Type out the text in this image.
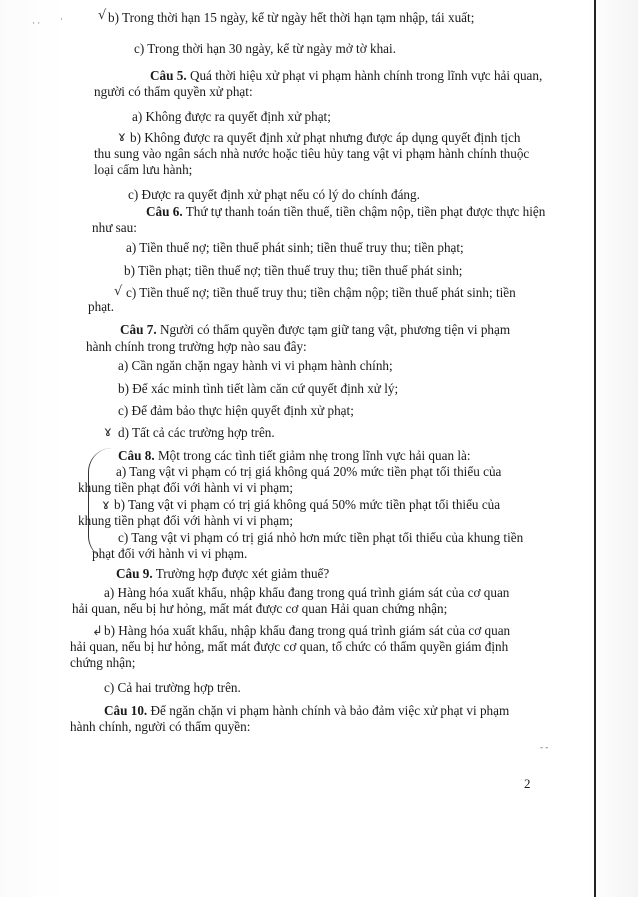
· · ·	√ b) Trong thời hạn 15 ngày, kể từ ngày hết thời hạn tạm nhập, tái xuất;
c) Trong thời hạn 30 ngày, kể từ ngày mở tờ khai.
Câu 5. Quá thời hiệu xử phạt vi phạm hành chính trong lĩnh vực hải quan,
người có thẩm quyền xử phạt:
a) Không được ra quyết định xử phạt;
ɤ b) Không được ra quyết định xử phạt nhưng được áp dụng quyết định tịch
thu sung vào ngân sách nhà nước hoặc tiêu hủy tang vật vi phạm hành chính thuộc
loại cấm lưu hành;
c) Được ra quyết định xử phạt nếu có lý do chính đáng.
Câu 6. Thứ tự thanh toán tiền thuế, tiền chậm nộp, tiền phạt được thực hiện
như sau:
a) Tiền thuế nợ; tiền thuế phát sinh; tiền thuế truy thu; tiền phạt;
b) Tiền phạt; tiền thuế nợ; tiền thuế truy thu; tiền thuế phát sinh;
√ c) Tiền thuế nợ; tiền thuế truy thu; tiền chậm nộp; tiền thuế phát sinh; tiền
phạt.
Câu 7. Người có thẩm quyền được tạm giữ tang vật, phương tiện vi phạm
hành chính trong trường hợp nào sau đây:
a) Cần ngăn chặn ngay hành vi vi phạm hành chính;
b) Để xác minh tình tiết làm căn cứ quyết định xử lý;
c) Để đảm bảo thực hiện quyết định xử phạt;
ɤ d) Tất cả các trường hợp trên.
Câu 8. Một trong các tình tiết giảm nhẹ trong lĩnh vực hải quan là:
a) Tang vật vi phạm có trị giá không quá 20% mức tiền phạt tối thiểu của
khung tiền phạt đối với hành vi vi phạm;
ɤ b) Tang vật vi phạm có trị giá không quá 50% mức tiền phạt tối thiểu của
khung tiền phạt đối với hành vi vi phạm;
c) Tang vật vi phạm có trị giá nhỏ hơn mức tiền phạt tối thiểu của khung tiền
phạt đối với hành vi vi phạm.
Câu 9. Trường hợp được xét giảm thuế?
a) Hàng hóa xuất khẩu, nhập khẩu đang trong quá trình giám sát của cơ quan
hải quan, nếu bị hư hỏng, mất mát được cơ quan Hải quan chứng nhận;
↲ b) Hàng hóa xuất khẩu, nhập khẩu đang trong quá trình giám sát của cơ quan
hải quan, nếu bị hư hỏng, mất mát được cơ quan, tổ chức có thẩm quyền giám định
chứng nhận;
c) Cả hai trường hợp trên.
Câu 10. Để ngăn chặn vi phạm hành chính và bảo đảm việc xử phạt vi phạm
hành chính, người có thẩm quyền:
- -
2
